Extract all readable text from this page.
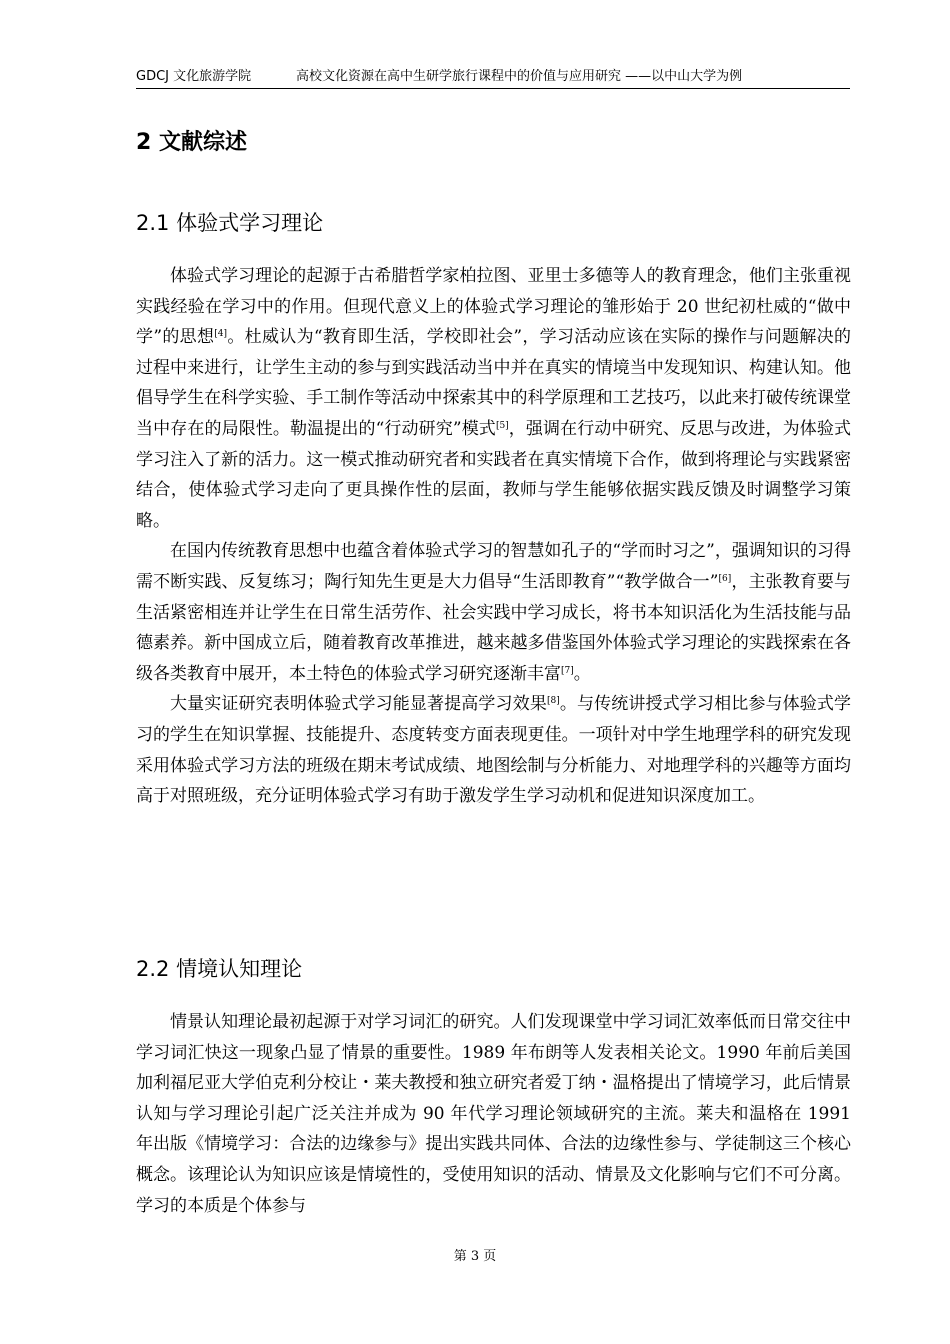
GDCJ 文化旅游学院	高校文化资源在高中生研学旅行课程中的价值与应用研究 ——以中山大学为例
2 文献综述
2.1 体验式学习理论

体验式学习理论的起源于古希腊哲学家柏拉图、亚里士多德等人的教育理念，他们主张重视实践经验在学习中的作用。但现代意义上的体验式学习理论的雏形始于 20 世纪初杜威的“做中学”的思想[4]。杜威认为“教育即生活，学校即社会”，学习活动应该在实际的操作与问题解决的过程中来进行，让学生主动的参与到实践活动当中并在真实的情境当中发现知识、构建认知。他倡导学生在科学实验、手工制作等活动中探索其中的科学原理和工艺技巧，以此来打破传统课堂当中存在的局限性。勒温提出的“行动研究”模式[5]，强调在行动中研究、反思与改进，为体验式学习注入了新的活力。这一模式推动研究者和实践者在真实情境下合作，做到将理论与实践紧密结合，使体验式学习走向了更具操作性的层面，教师与学生能够依据实践反馈及时调整学习策略。

在国内传统教育思想中也蕴含着体验式学习的智慧如孔子的“学而时习之”，强调知识的习得需不断实践、反复练习；陶行知先生更是大力倡导“生活即教育”“教学做合一”[6]，主张教育要与生活紧密相连并让学生在日常生活劳作、社会实践中学习成长，将书本知识活化为生活技能与品德素养。新中国成立后，随着教育改革推进，越来越多借鉴国外体验式学习理论的实践探索在各级各类教育中展开，本土特色的体验式学习研究逐渐丰富[7]。

大量实证研究表明体验式学习能显著提高学习效果[8]。与传统讲授式学习相比参与体验式学习的学生在知识掌握、技能提升、态度转变方面表现更佳。一项针对中学生地理学科的研究发现采用体验式学习方法的班级在期末考试成绩、地图绘制与分析能力、对地理学科的兴趣等方面均高于对照班级，充分证明体验式学习有助于激发学生学习动机和促进知识深度加工。

2.2 情境认知理论

情景认知理论最初起源于对学习词汇的研究。人们发现课堂中学习词汇效率低而日常交往中学习词汇快这一现象凸显了情景的重要性。1989 年布朗等人发表相关论文。1990 年前后美国加利福尼亚大学伯克利分校让・莱夫教授和独立研究者爱丁纳・温格提出了情境学习，此后情景认知与学习理论引起广泛关注并成为 90 年代学习理论领域研究的主流。莱夫和温格在 1991 年出版《情境学习：合法的边缘参与》提出实践共同体、合法的边缘性参与、学徒制这三个核心概念。该理论认为知识应该是情境性的，受使用知识的活动、情景及文化影响与它们不可分离。学习的本质是个体参与

第 3 页
